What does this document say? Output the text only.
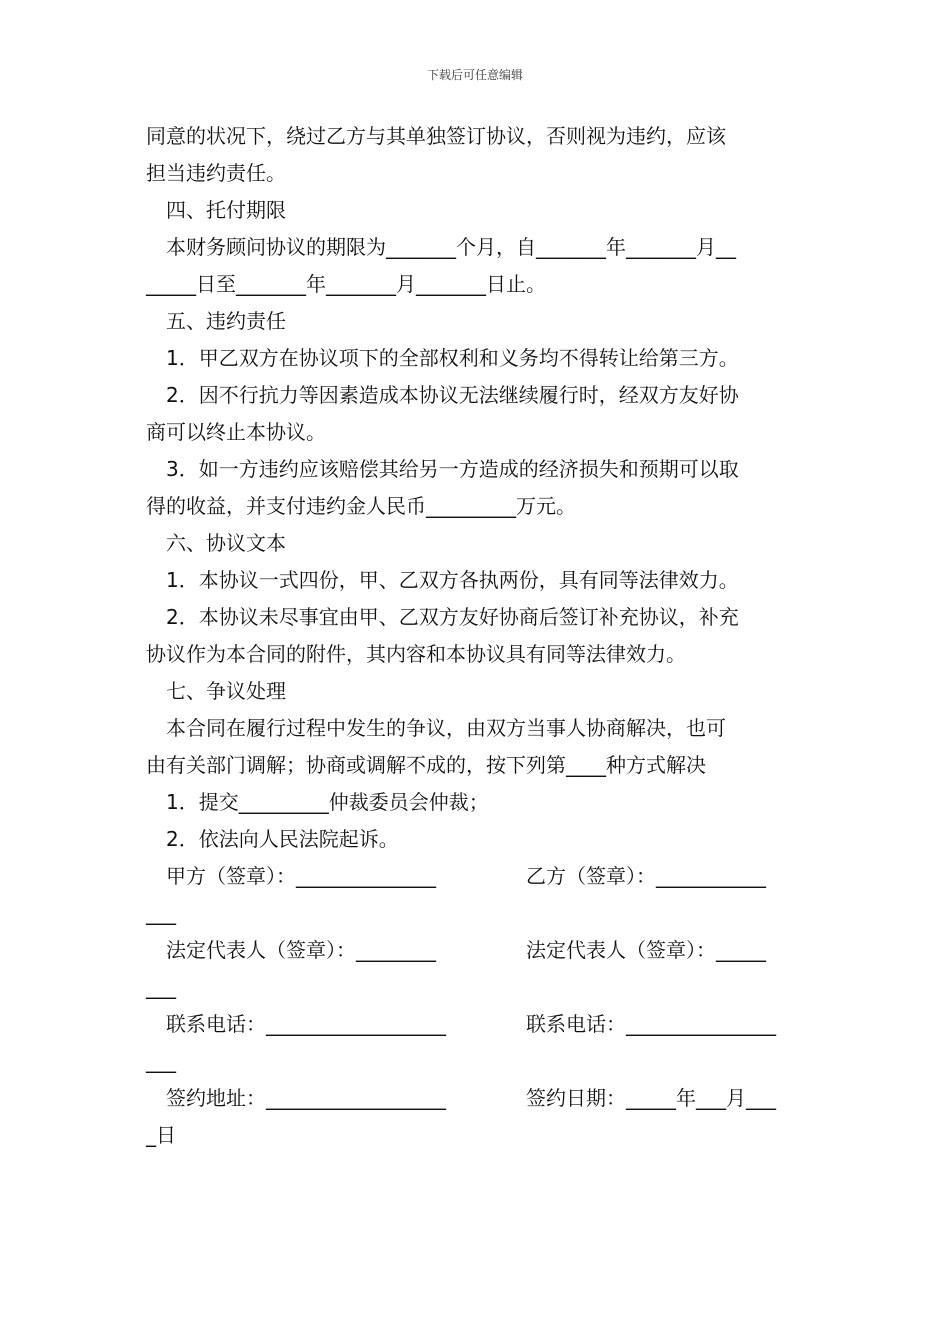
下载后可任意编辑
同意的状况下，绕过乙方与其单独签订协议，否则视为违约，应该
担当违约责任。
四、托付期限
本财务顾问协议的期限为_______个月，自_______年_______月__
_____日至_______年_______月_______日止。
五、违约责任
1．甲乙双方在协议项下的全部权利和义务均不得转让给第三方。
2．因不行抗力等因素造成本协议无法继续履行时，经双方友好协
商可以终止本协议。
3．如一方违约应该赔偿其给另一方造成的经济损失和预期可以取
得的收益，并支付违约金人民币_________万元。
六、协议文本
1．本协议一式四份，甲、乙双方各执两份，具有同等法律效力。
2．本协议未尽事宜由甲、乙双方友好协商后签订补充协议，补充
协议作为本合同的附件，其内容和本协议具有同等法律效力。
七、争议处理
本合同在履行过程中发生的争议，由双方当事人协商解决，也可
由有关部门调解；协商或调解不成的，按下列第____种方式解决
1．提交_________仲裁委员会仲裁；
2．依法向人民法院起诉。
甲方（签章）：______________	乙方（签章）：___________
___
法定代表人（签章）：________	法定代表人（签章）：_____
___
联系电话：__________________	联系电话：_______________
___
签约地址：__________________	签约日期：_____年___月___
_日
